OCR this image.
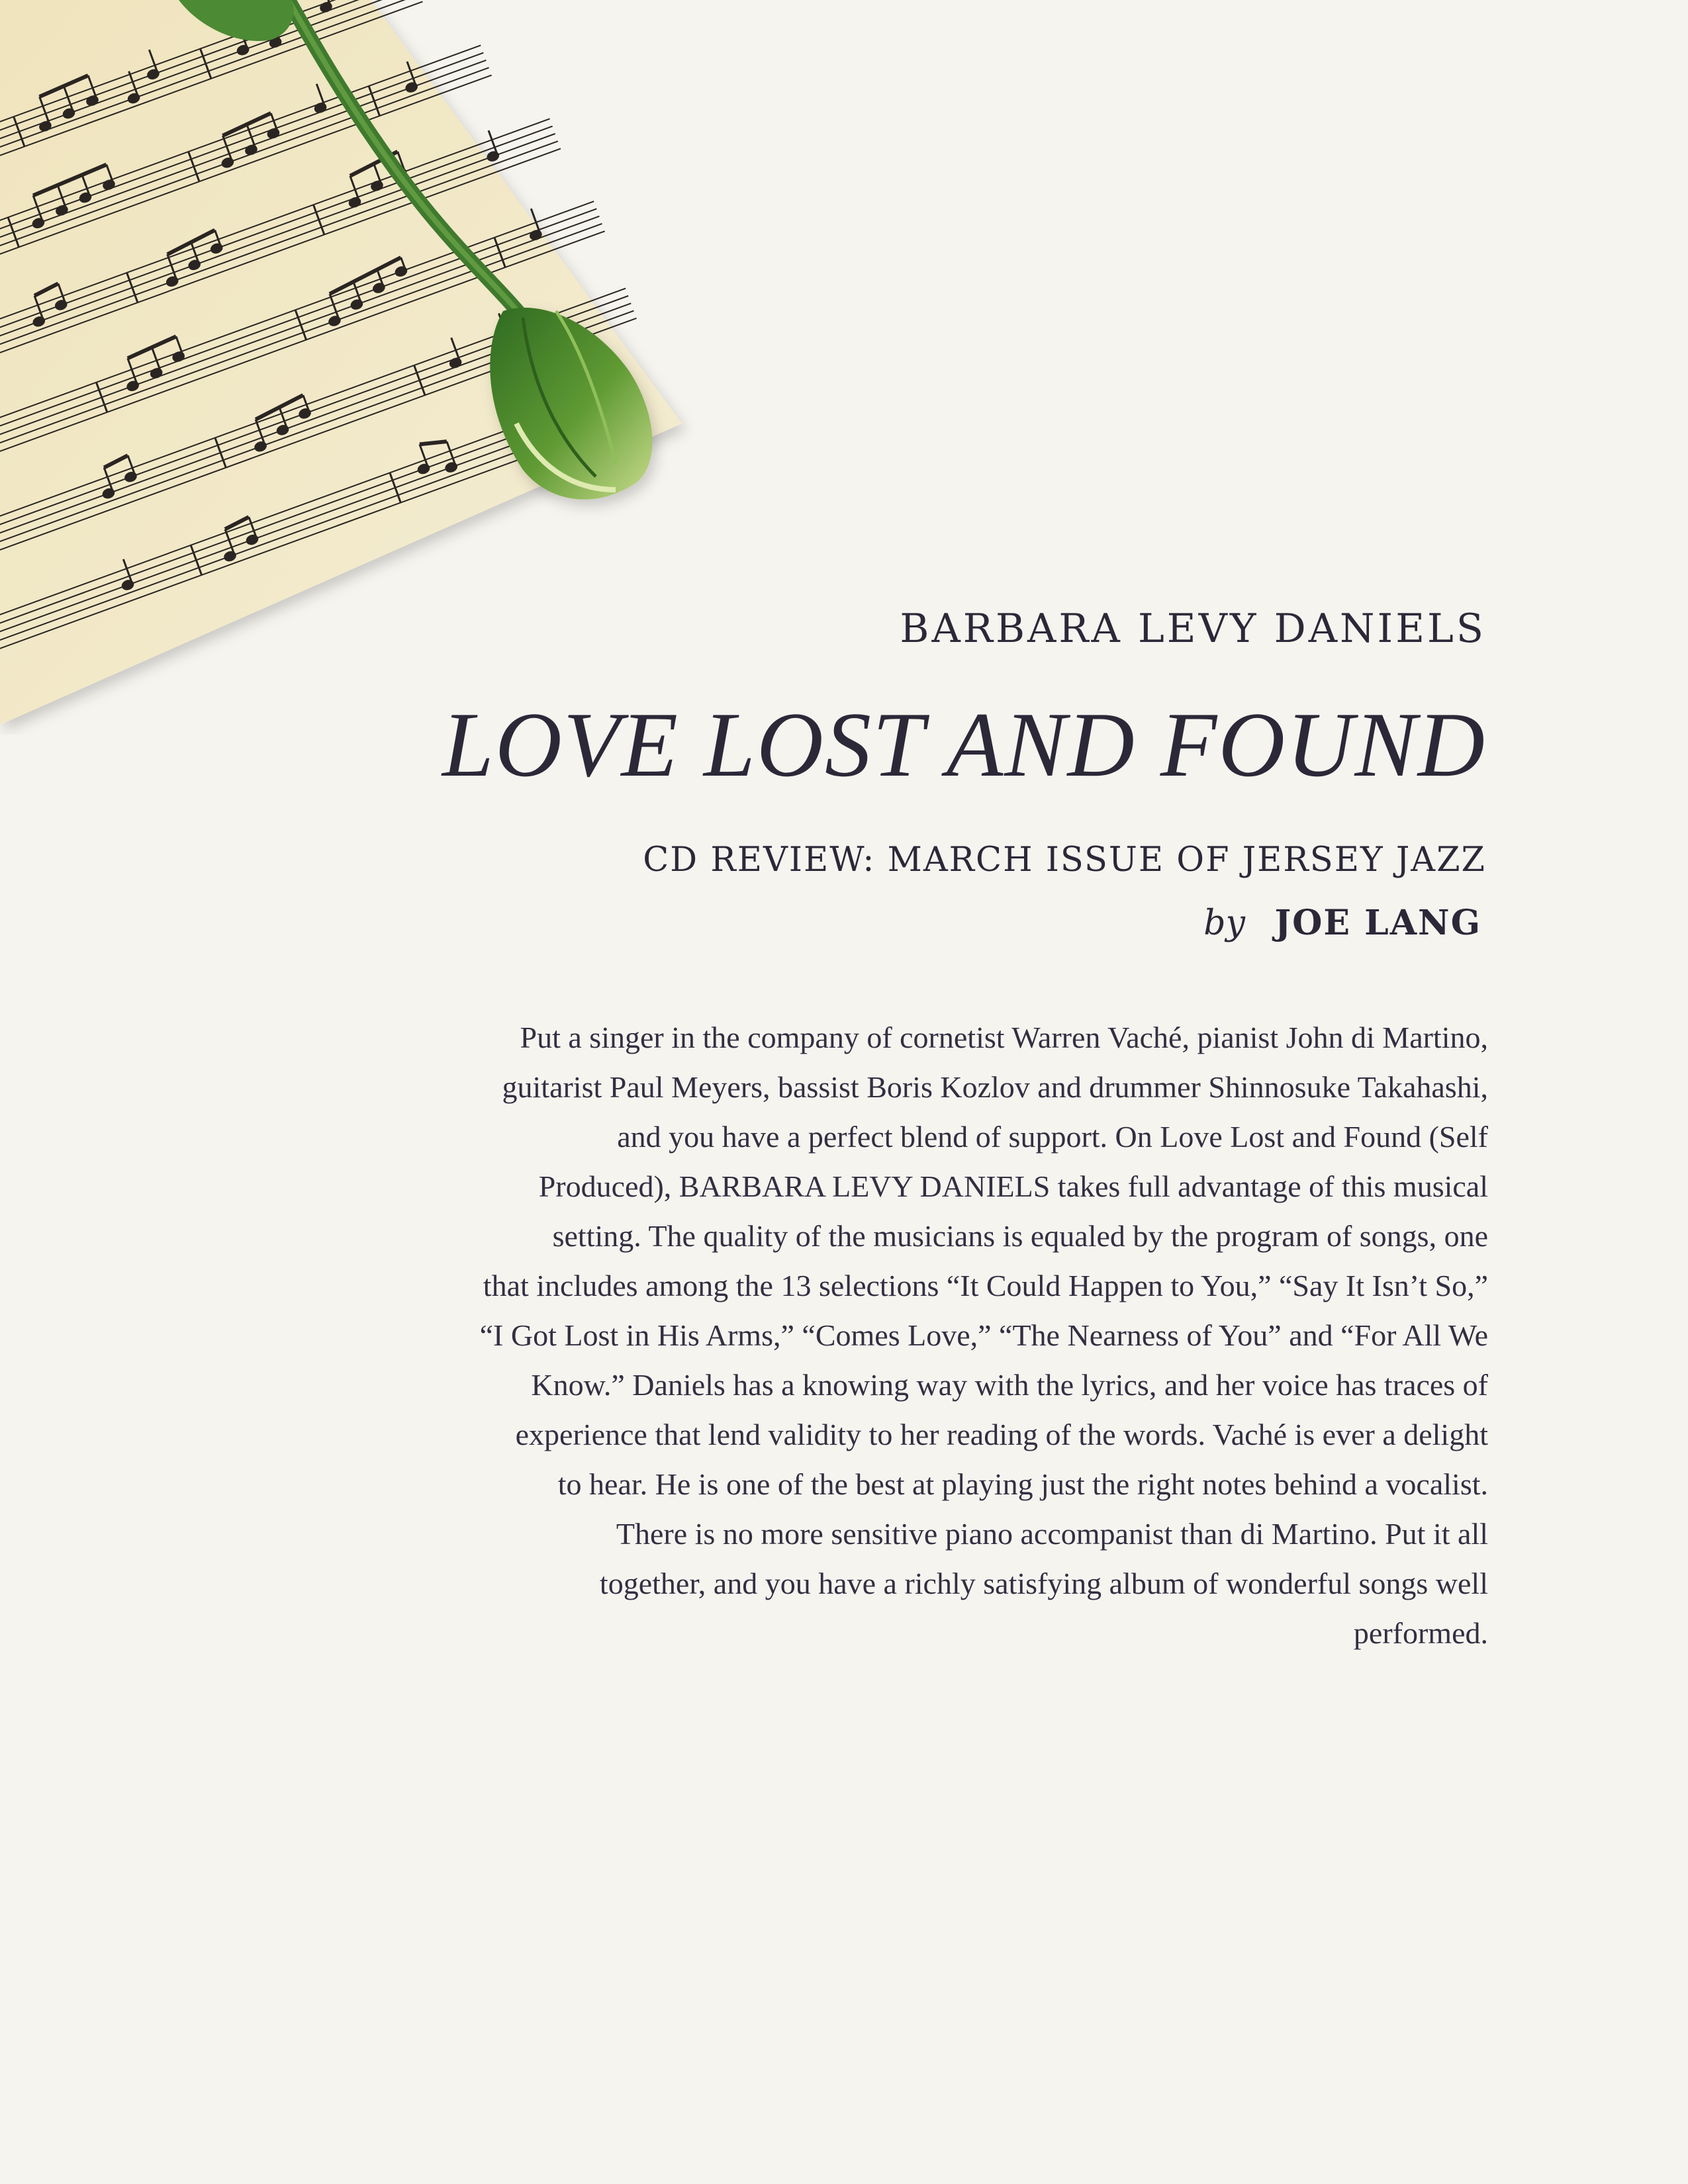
BARBARA LEVY DANIELS
LOVE LOST AND FOUND
CD REVIEW: MARCH ISSUE OF JERSEY JAZZ
by JOE LANG
Put a singer in the company of cornetist Warren Vaché, pianist John di Martino,
guitarist Paul Meyers, bassist Boris Kozlov and drummer Shinnosuke Takahashi,
and you have a perfect blend of support. On Love Lost and Found (Self
Produced), BARBARA LEVY DANIELS takes full advantage of this musical
setting. The quality of the musicians is equaled by the program of songs, one
that includes among the 13 selections “It Could Happen to You,” “Say It Isn’t So,”
“I Got Lost in His Arms,” “Comes Love,” “The Nearness of You” and “For All We
Know.” Daniels has a knowing way with the lyrics, and her voice has traces of
experience that lend validity to her reading of the words. Vaché is ever a delight
to hear. He is one of the best at playing just the right notes behind a vocalist.
There is no more sensitive piano accompanist than di Martino. Put it all
together, and you have a richly satisfying album of wonderful songs well
performed.
